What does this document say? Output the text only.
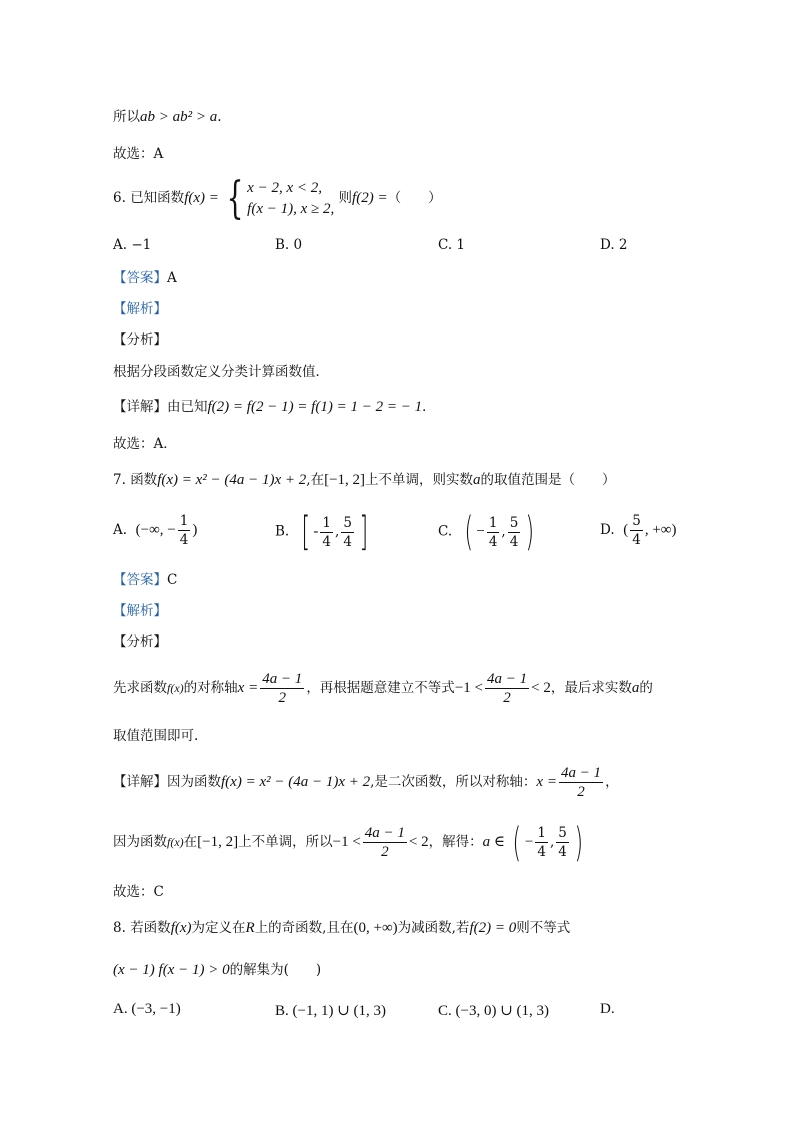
所以ab > ab² > a.
故选：A
6. 已知函数f(x) = { x − 2, x < 2,
f(x − 1), x ≥ 2,
则f(2) =（　　）
A. −1	B. 0	C. 1	D. 2
【答案】A
【解析】
【分析】
根据分段函数定义分类计算函数值．
【详解】由已知f(2) = f(2 − 1) = f(1) = 1 − 2 = − 1．
故选：A．
7. 函数f(x) = x² − (4a − 1)x + 2,在[−1, 2]上不单调，则实数a的取值范围是（　　）
A. (−∞, − $\frac{1}{4}$ )	B. [ - $\frac{1}{4}$ , $\frac{5}{4}$ ]	C. ( − $\frac{1}{4}$ , $\frac{5}{4}$ )	D. ( $\frac{5}{4}$ , +∞)
【答案】C
【解析】
【分析】
先求函数f(x)的对称轴$x = \frac{4a - 1}{2}$ ，再根据题意建立不等式$-1 < \frac{4a - 1}{2} < 2$，最后求实数a的
取值范围即可.
【详解】因为函数f(x) = x² − (4a − 1)x + 2,是二次函数，所以对称轴：$x = \frac{4a - 1}{2}$ ，
因为函数f(x)在[−1, 2]上不单调，所以$-1 < \frac{4a - 1}{2} < 2$，解得：a ∈ ( − $\frac{1}{4}$ , $\frac{5}{4}$ )
故选：C
8. 若函数f(x)为定义在R上的奇函数,且在(0, +∞)为减函数,若f(2) = 0则不等式
(x − 1) f(x − 1) > 0的解集为(　　)
A. (−3, −1)	B. (−1, 1) ∪ (1, 3)	C. (−3, 0) ∪ (1, 3)	D.
